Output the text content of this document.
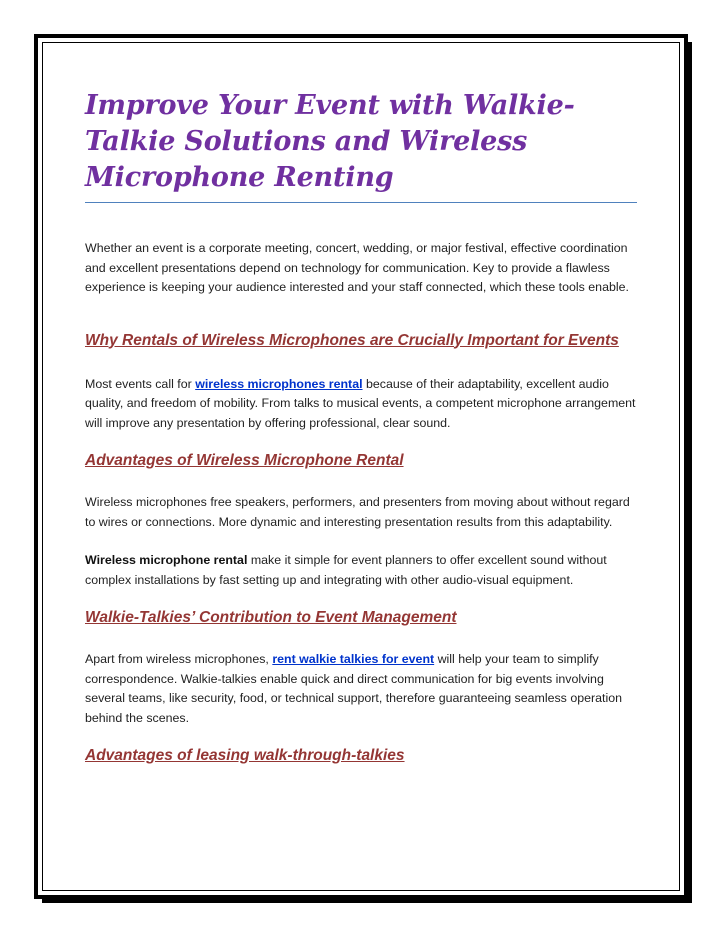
Improve Your Event with Walkie-Talkie Solutions and Wireless Microphone Renting

Whether an event is a corporate meeting, concert, wedding, or major festival, effective coordination and excellent presentations depend on technology for communication. Key to provide a flawless experience is keeping your audience interested and your staff connected, which these tools enable.

Why Rentals of Wireless Microphones are Crucially Important for Events

Most events call for wireless microphones rental because of their adaptability, excellent audio quality, and freedom of mobility. From talks to musical events, a competent microphone arrangement will improve any presentation by offering professional, clear sound.

Advantages of Wireless Microphone Rental

Wireless microphones free speakers, performers, and presenters from moving about without regard to wires or connections. More dynamic and interesting presentation results from this adaptability.

Wireless microphone rental make it simple for event planners to offer excellent sound without complex installations by fast setting up and integrating with other audio-visual equipment.

Walkie-Talkies’ Contribution to Event Management

Apart from wireless microphones, rent walkie talkies for event will help your team to simplify correspondence. Walkie-talkies enable quick and direct communication for big events involving several teams, like security, food, or technical support, therefore guaranteeing seamless operation behind the scenes.

Advantages of leasing walk-through-talkies
